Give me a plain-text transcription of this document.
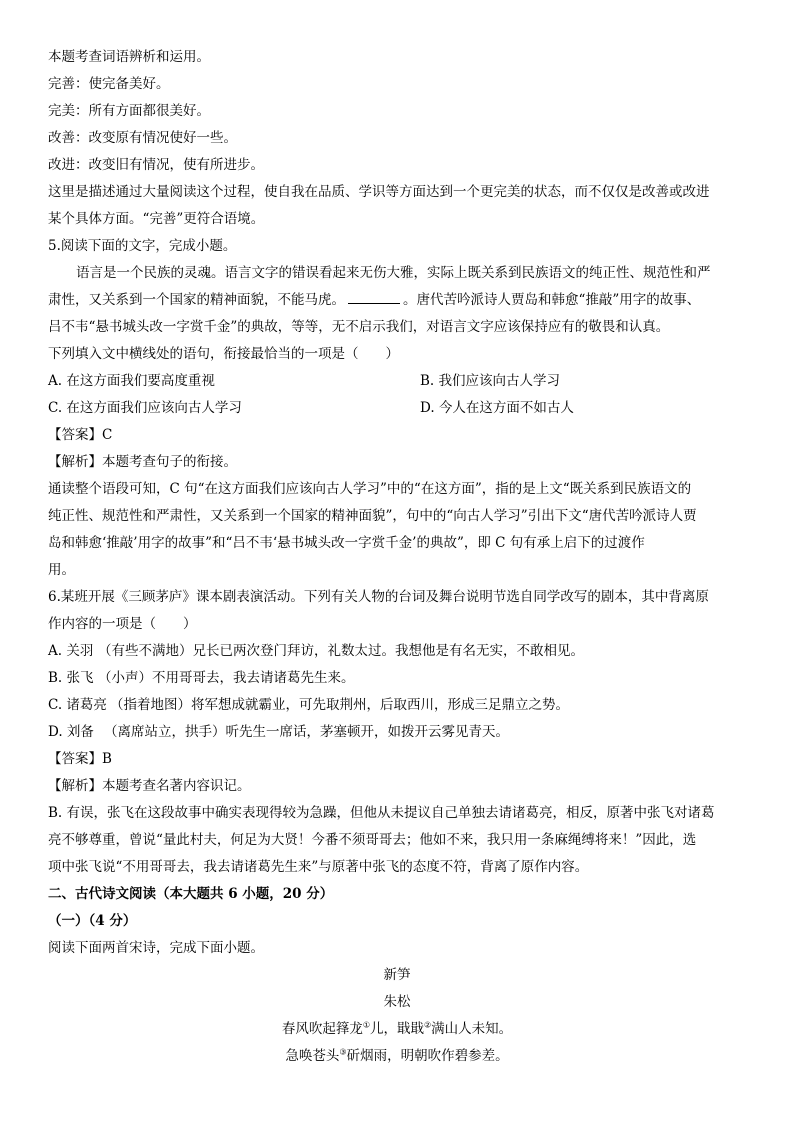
本题考查词语辨析和运用。
完善：使完备美好。
完美：所有方面都很美好。
改善：改变原有情况使好一些。
改进：改变旧有情况，使有所进步。
这里是描述通过大量阅读这个过程，使自我在品质、学识等方面达到一个更完美的状态，而不仅仅是改善或改进
某个具体方面。“完善”更符合语境。
5.阅读下面的文字，完成小题。
语言是一个民族的灵魂。语言文字的错误看起来无伤大雅，实际上既关系到民族语文的纯正性、规范性和严
肃性，又关系到一个国家的精神面貌，不能马虎。	。唐代苦吟派诗人贾岛和韩愈“推敲”用字的故事、
吕不韦“悬书城头改一字赏千金”的典故，等等，无不启示我们，对语言文字应该保持应有的敬畏和认真。
下列填入文中横线处的语句，衔接最恰当的一项是（　　）
A. 在这方面我们要高度重视	B. 我们应该向古人学习
C. 在这方面我们应该向古人学习	D. 今人在这方面不如古人
【答案】C
【解析】本题考查句子的衔接。
通读整个语段可知，C 句“在这方面我们应该向古人学习”中的“在这方面”，指的是上文“既关系到民族语文的
纯正性、规范性和严肃性，又关系到一个国家的精神面貌”，句中的“向古人学习”引出下文“唐代苦吟派诗人贾
岛和韩愈‘推敲’用字的故事”和“吕不韦‘悬书城头改一字赏千金’的典故”，即 C 句有承上启下的过渡作
用。
6.某班开展《三顾茅庐》课本剧表演活动。下列有关人物的台词及舞台说明节选自同学改写的剧本，其中背离原
作内容的一项是（　　）
A. 关羽 （有些不满地）兄长已两次登门拜访，礼数太过。我想他是有名无实，不敢相见。
B. 张飞 （小声）不用哥哥去，我去请诸葛先生来。
C. 诸葛亮 （指着地图）将军想成就霸业，可先取荆州，后取西川，形成三足鼎立之势。
D. 刘备 （离席站立，拱手）听先生一席话，茅塞顿开，如拨开云雾见青天。
【答案】B
【解析】本题考查名著内容识记。
B. 有误，张飞在这段故事中确实表现得较为急躁，但他从未提议自己单独去请诸葛亮，相反，原著中张飞对诸葛
亮不够尊重，曾说“量此村夫，何足为大贤！今番不须哥哥去；他如不来，我只用一条麻绳缚将来！”因此，选
项中张飞说“不用哥哥去，我去请诸葛先生来”与原著中张飞的态度不符，背离了原作内容。
二、古代诗文阅读（本大题共 6 小题，20 分）
（一）（4 分）
阅读下面两首宋诗，完成下面小题。
新笋
朱松
春风吹起箨龙①儿，戢戢②满山人未知。
急唤苍头③斫烟雨，明朝吹作碧参差。
